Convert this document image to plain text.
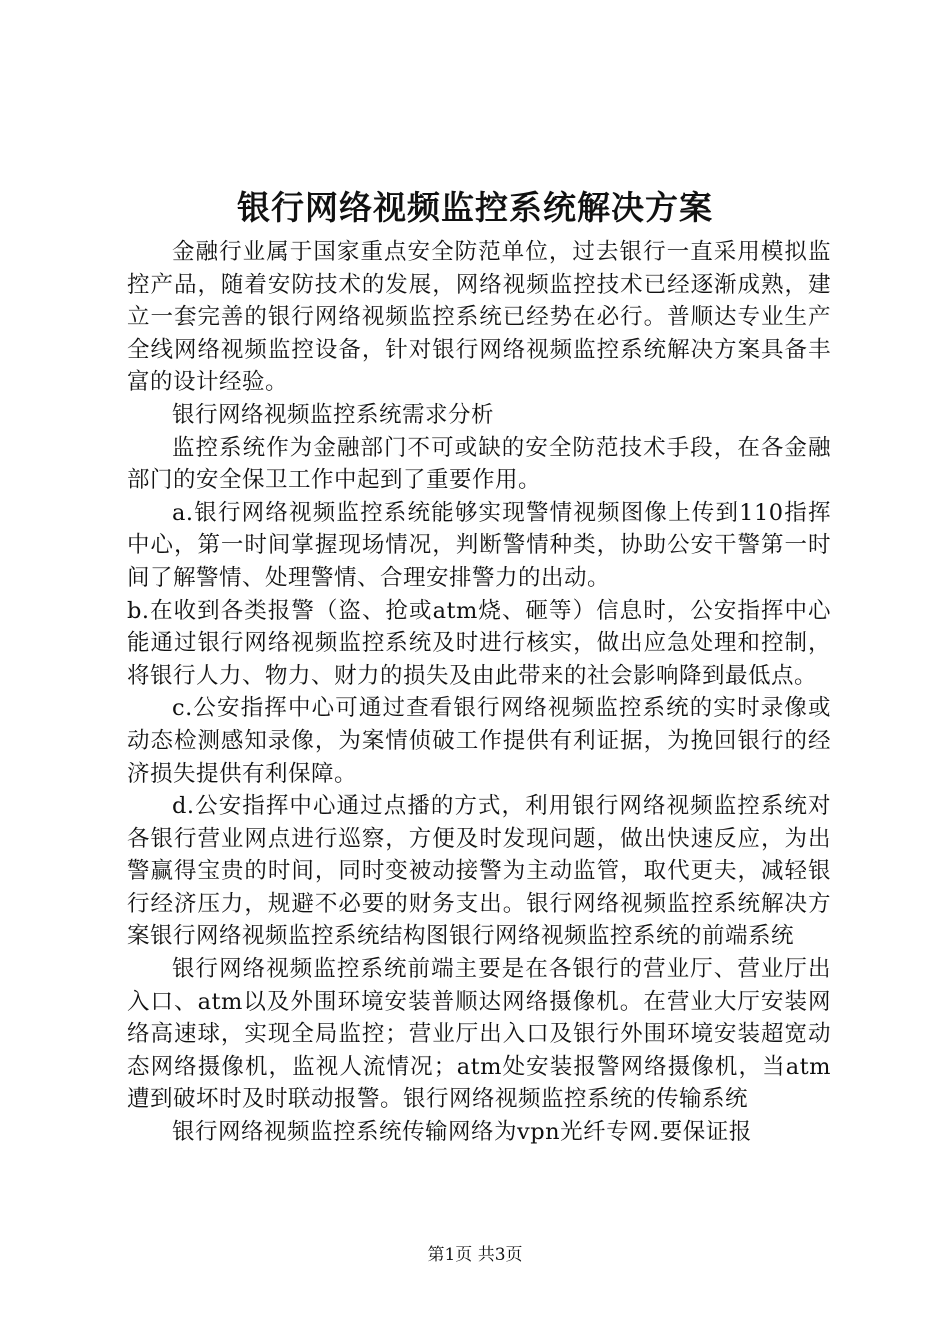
银行网络视频监控系统解决方案

金融行业属于国家重点安全防范单位，过去银行一直采用模拟监控产品，随着安防技术的发展，网络视频监控技术已经逐渐成熟，建立一套完善的银行网络视频监控系统已经势在必行。普顺达专业生产全线网络视频监控设备，针对银行网络视频监控系统解决方案具备丰富的设计经验。

银行网络视频监控系统需求分析

监控系统作为金融部门不可或缺的安全防范技术手段，在各金融部门的安全保卫工作中起到了重要作用。

a.银行网络视频监控系统能够实现警情视频图像上传到110指挥中心，第一时间掌握现场情况，判断警情种类，协助公安干警第一时间了解警情、处理警情、合理安排警力的出动。

b.在收到各类报警（盗、抢或atm烧、砸等）信息时，公安指挥中心能通过银行网络视频监控系统及时进行核实，做出应急处理和控制，将银行人力、物力、财力的损失及由此带来的社会影响降到最低点。

c.公安指挥中心可通过查看银行网络视频监控系统的实时录像或动态检测感知录像，为案情侦破工作提供有利证据，为挽回银行的经济损失提供有利保障。

d.公安指挥中心通过点播的方式，利用银行网络视频监控系统对各银行营业网点进行巡察，方便及时发现问题，做出快速反应，为出警赢得宝贵的时间，同时变被动接警为主动监管，取代更夫，减轻银行经济压力，规避不必要的财务支出。银行网络视频监控系统解决方案银行网络视频监控系统结构图银行网络视频监控系统的前端系统

银行网络视频监控系统前端主要是在各银行的营业厅、营业厅出入口、atm以及外围环境安装普顺达网络摄像机。在营业大厅安装网络高速球，实现全局监控；营业厅出入口及银行外围环境安装超宽动态网络摄像机，监视人流情况；atm处安装报警网络摄像机，当atm遭到破坏时及时联动报警。银行网络视频监控系统的传输系统

银行网络视频监控系统传输网络为vpn光纤专网.要保证报

第1页 共3页
